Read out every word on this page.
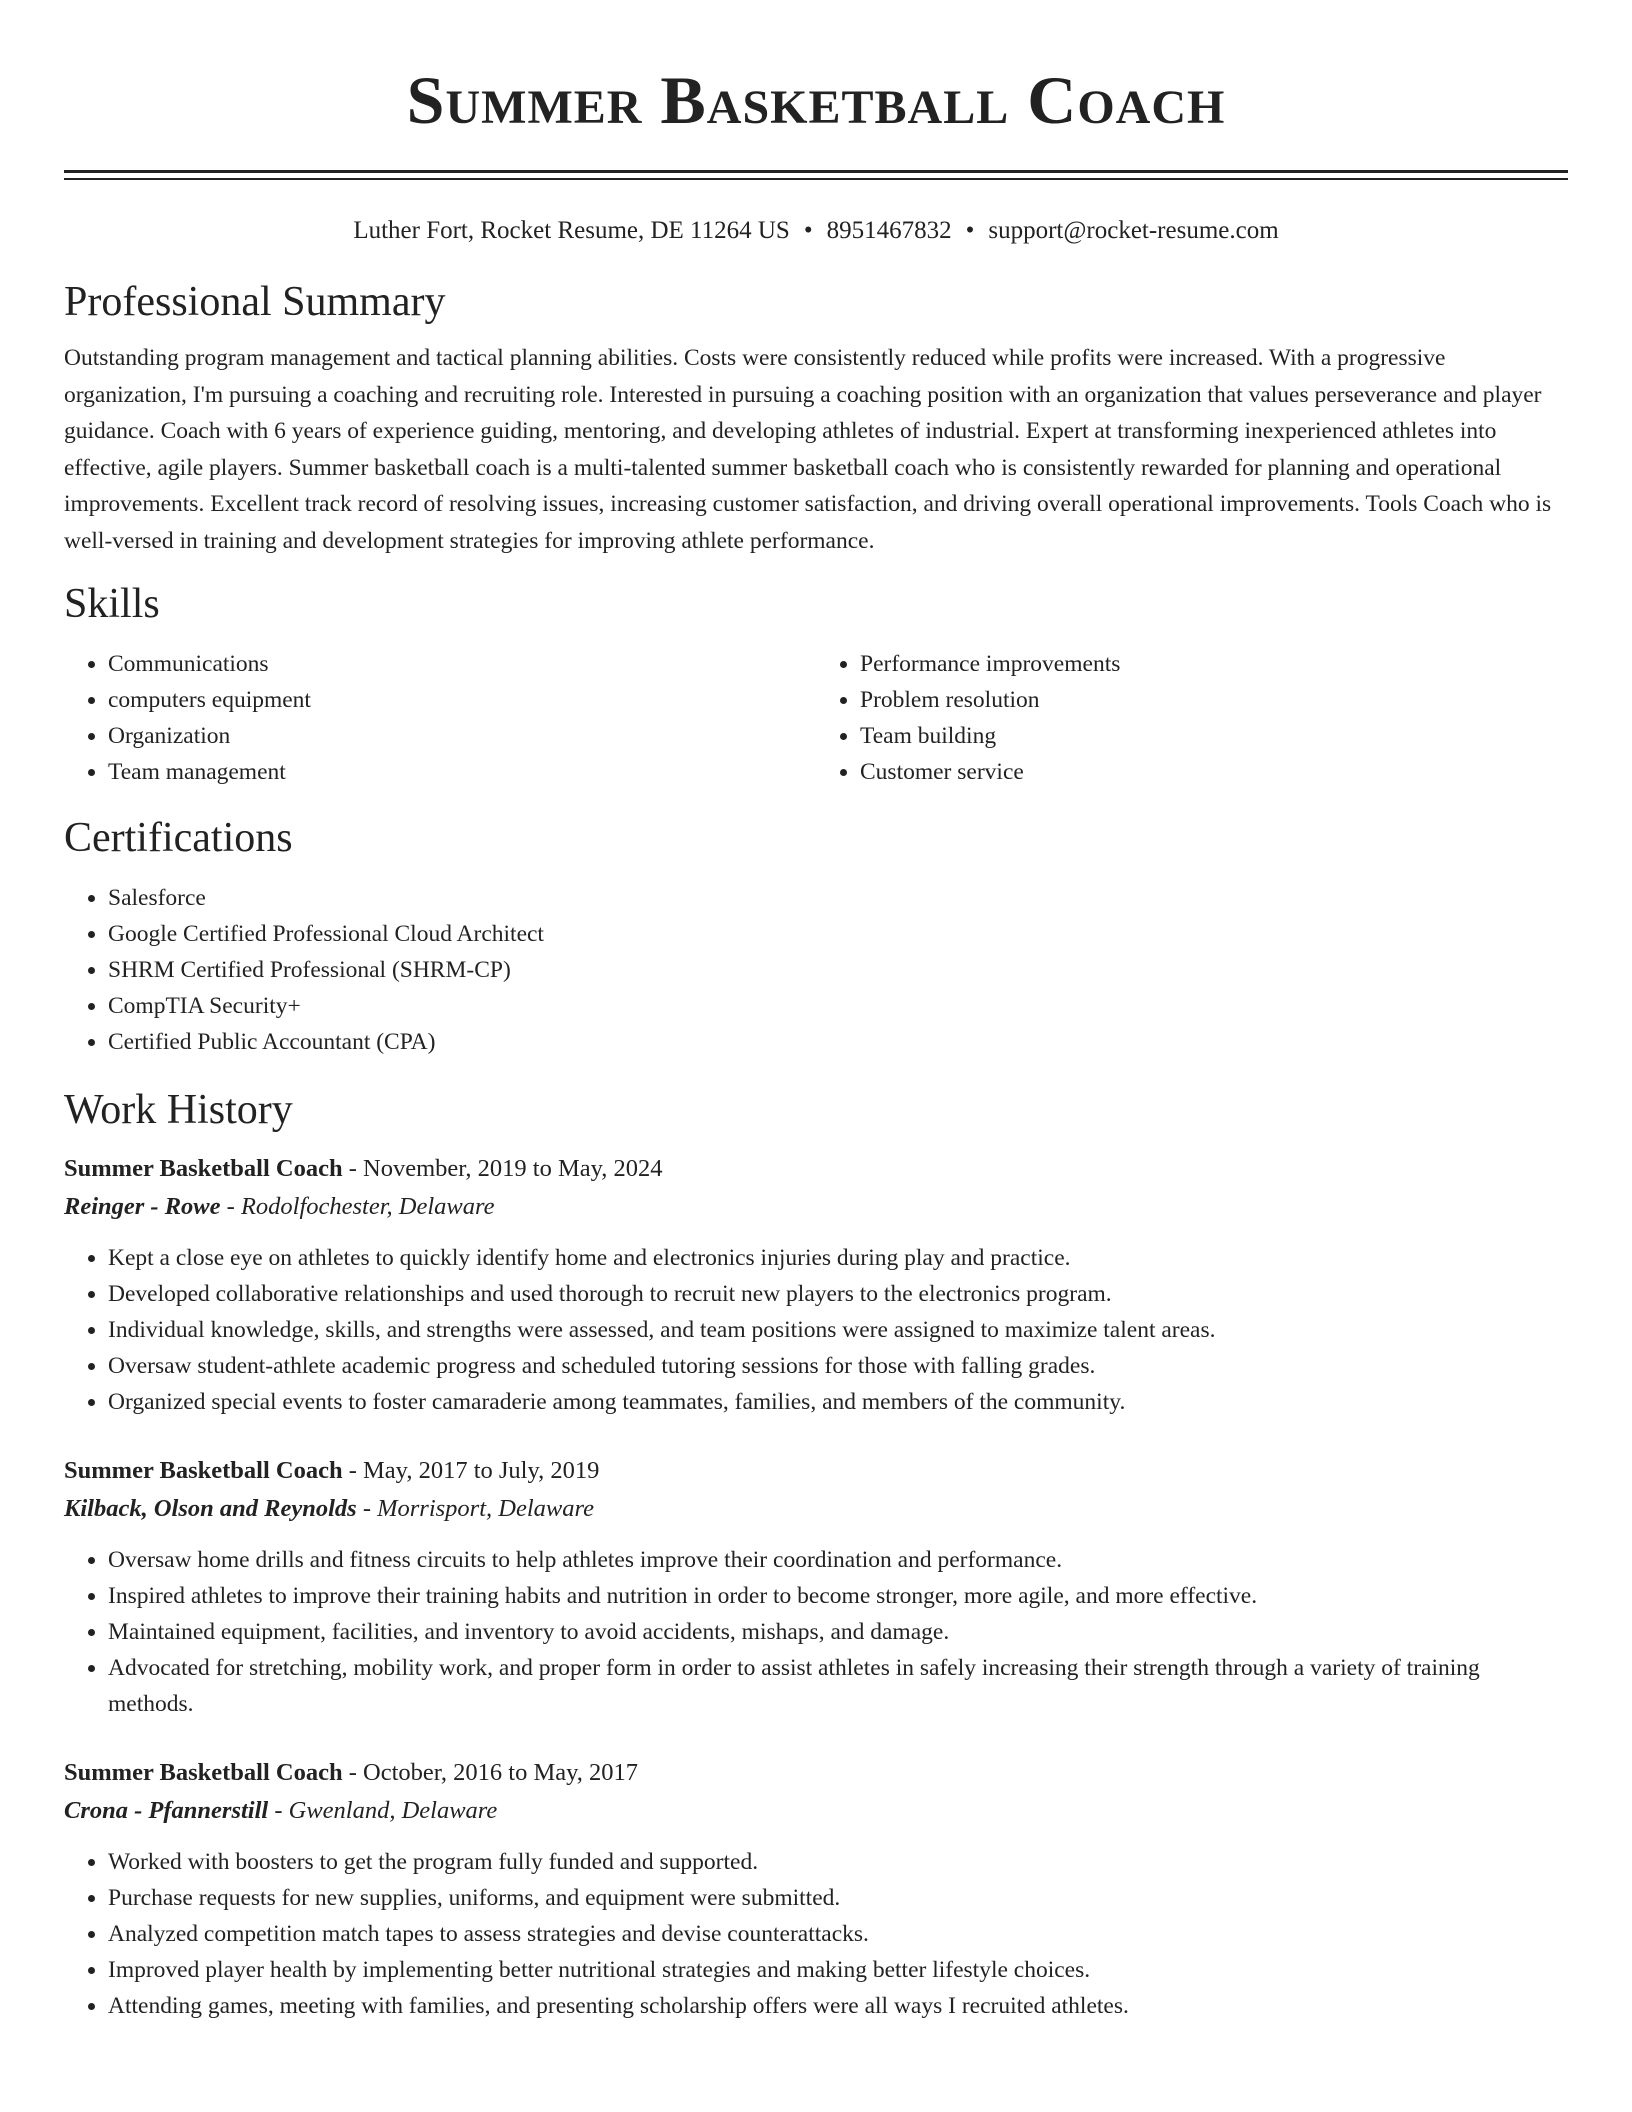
Summer Basketball Coach
Luther Fort, Rocket Resume, DE 11264 US • 8951467832 • support@rocket-resume.com
Professional Summary

Outstanding program management and tactical planning abilities. Costs were consistently reduced while profits were increased. With a progressive organization, I'm pursuing a coaching and recruiting role. Interested in pursuing a coaching position with an organization that values perseverance and player guidance. Coach with 6 years of experience guiding, mentoring, and developing athletes of industrial. Expert at transforming inexperienced athletes into effective, agile players. Summer basketball coach is a multi-talented summer basketball coach who is consistently rewarded for planning and operational improvements. Excellent track record of resolving issues, increasing customer satisfaction, and driving overall operational improvements. Tools Coach who is well-versed in training and development strategies for improving athlete performance.

Skills
• Communications
• computers equipment
• Organization
• Team management
• Performance improvements
• Problem resolution
• Team building
• Customer service
Certifications
• Salesforce
• Google Certified Professional Cloud Architect
• SHRM Certified Professional (SHRM-CP)
• CompTIA Security+
• Certified Public Accountant (CPA)
Work History
Summer Basketball Coach - November, 2019 to May, 2024
Reinger - Rowe - Rodolfochester, Delaware
• Kept a close eye on athletes to quickly identify home and electronics injuries during play and practice.
• Developed collaborative relationships and used thorough to recruit new players to the electronics program.
• Individual knowledge, skills, and strengths were assessed, and team positions were assigned to maximize talent areas.
• Oversaw student-athlete academic progress and scheduled tutoring sessions for those with falling grades.
• Organized special events to foster camaraderie among teammates, families, and members of the community.
Summer Basketball Coach - May, 2017 to July, 2019
Kilback, Olson and Reynolds - Morrisport, Delaware
• Oversaw home drills and fitness circuits to help athletes improve their coordination and performance.
• Inspired athletes to improve their training habits and nutrition in order to become stronger, more agile, and more effective.
• Maintained equipment, facilities, and inventory to avoid accidents, mishaps, and damage.
• Advocated for stretching, mobility work, and proper form in order to assist athletes in safely increasing their strength through a variety of training methods.
Summer Basketball Coach - October, 2016 to May, 2017
Crona - Pfannerstill - Gwenland, Delaware
• Worked with boosters to get the program fully funded and supported.
• Purchase requests for new supplies, uniforms, and equipment were submitted.
• Analyzed competition match tapes to assess strategies and devise counterattacks.
• Improved player health by implementing better nutritional strategies and making better lifestyle choices.
• Attending games, meeting with families, and presenting scholarship offers were all ways I recruited athletes.
